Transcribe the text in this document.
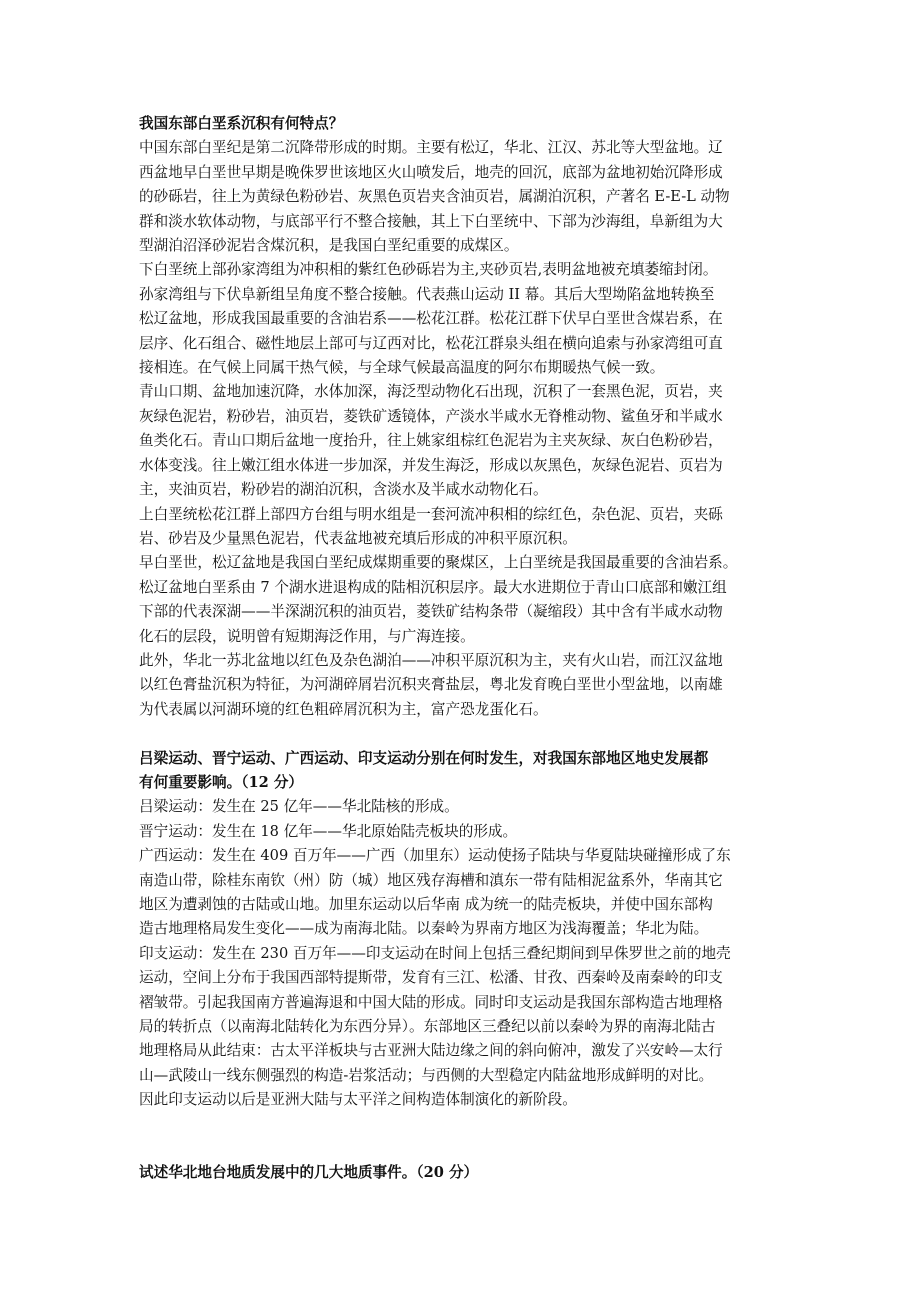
我国东部白垩系沉积有何特点？
中国东部白垩纪是第二沉降带形成的时期。主要有松辽，华北、江汉、苏北等大型盆地。辽
西盆地早白垩世早期是晚侏罗世该地区火山喷发后，地壳的回沉，底部为盆地初始沉降形成
的砂砾岩，往上为黄绿色粉砂岩、灰黑色页岩夹含油页岩，属湖泊沉积，产著名 E-E-L 动物
群和淡水软体动物，与底部平行不整合接触，其上下白垩统中、下部为沙海组，阜新组为大
型湖泊沼泽砂泥岩含煤沉积，是我国白垩纪重要的成煤区。
下白垩统上部孙家湾组为冲积相的紫红色砂砾岩为主,夹砂页岩,表明盆地被充填萎缩封闭。
孙家湾组与下伏阜新组呈角度不整合接触。代表燕山运动 II 幕。其后大型坳陷盆地转换至
松辽盆地，形成我国最重要的含油岩系——松花江群。松花江群下伏早白垩世含煤岩系，在
层序、化石组合、磁性地层上部可与辽西对比，松花江群泉头组在横向追索与孙家湾组可直
接相连。在气候上同属干热气候，与全球气候最高温度的阿尔布期暖热气候一致。
青山口期、盆地加速沉降，水体加深，海泛型动物化石出现，沉积了一套黑色泥，页岩，夹
灰绿色泥岩，粉砂岩，油页岩，菱铁矿透镜体，产淡水半咸水无脊椎动物、鲨鱼牙和半咸水
鱼类化石。青山口期后盆地一度抬升，往上姚家组棕红色泥岩为主夹灰绿、灰白色粉砂岩，
水体变浅。往上嫩江组水体进一步加深，并发生海泛，形成以灰黑色，灰绿色泥岩、页岩为
主，夹油页岩，粉砂岩的湖泊沉积，含淡水及半咸水动物化石。
上白垩统松花江群上部四方台组与明水组是一套河流冲积相的综红色，杂色泥、页岩，夹砾
岩、砂岩及少量黑色泥岩，代表盆地被充填后形成的冲积平原沉积。
早白垩世，松辽盆地是我国白垩纪成煤期重要的聚煤区，上白垩统是我国最重要的含油岩系。
松辽盆地白垩系由 7 个湖水进退构成的陆相沉积层序。最大水进期位于青山口底部和嫩江组
下部的代表深湖——半深湖沉积的油页岩，菱铁矿结构条带（凝缩段）其中含有半咸水动物
化石的层段，说明曾有短期海泛作用，与广海连接。
此外，华北一苏北盆地以红色及杂色湖泊——冲积平原沉积为主，夹有火山岩，而江汉盆地
以红色膏盐沉积为特征，为河湖碎屑岩沉积夹膏盐层，粤北发育晚白垩世小型盆地，以南雄
为代表属以河湖环境的红色粗碎屑沉积为主，富产恐龙蛋化石。
吕梁运动、晋宁运动、广西运动、印支运动分别在何时发生，对我国东部地区地史发展都
有何重要影响。（12 分）
吕梁运动：发生在 25 亿年——华北陆核的形成。
晋宁运动：发生在 18 亿年——华北原始陆壳板块的形成。
广西运动：发生在 409 百万年——广西（加里东）运动使扬子陆块与华夏陆块碰撞形成了东
南造山带，除桂东南钦（州）防（城）地区残存海槽和滇东一带有陆相泥盆系外，华南其它
地区为遭剥蚀的古陆或山地。加里东运动以后华南 成为统一的陆壳板块，并使中国东部构
造古地理格局发生变化——成为南海北陆。以秦岭为界南方地区为浅海覆盖；华北为陆。
印支运动：发生在 230 百万年——印支运动在时间上包括三叠纪期间到早侏罗世之前的地壳
运动，空间上分布于我国西部特提斯带，发育有三江、松潘、甘孜、西秦岭及南秦岭的印支
褶皱带。引起我国南方普遍海退和中国大陆的形成。同时印支运动是我国东部构造古地理格
局的转折点（以南海北陆转化为东西分异）。东部地区三叠纪以前以秦岭为界的南海北陆古
地理格局从此结束：古太平洋板块与古亚洲大陆边缘之间的斜向俯冲，激发了兴安岭—太行
山—武陵山一线东侧强烈的构造-岩浆活动；与西侧的大型稳定内陆盆地形成鲜明的对比。
因此印支运动以后是亚洲大陆与太平洋之间构造体制演化的新阶段。
试述华北地台地质发展中的几大地质事件。（20 分）
